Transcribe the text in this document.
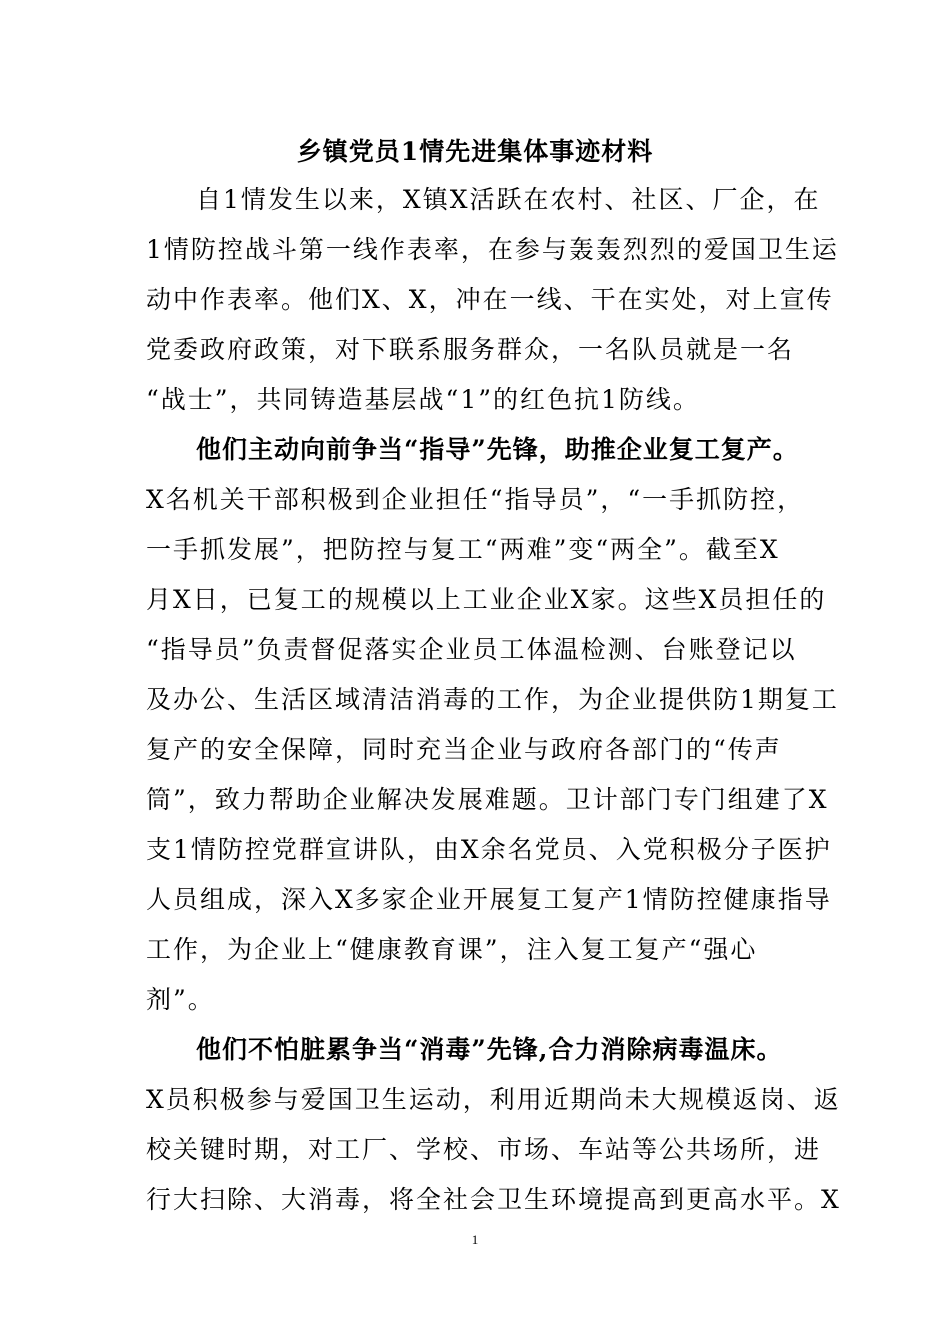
乡镇党员1情先进集体事迹材料
自1情发生以来，X镇X活跃在农村、社区、厂企，在
1情防控战斗第一线作表率，在参与轰轰烈烈的爱国卫生运
动中作表率。他们X、X，冲在一线、干在实处，对上宣传
党委政府政策，对下联系服务群众，一名队员就是一名
“战士”，共同铸造基层战“1”的红色抗1防线。
他们主动向前争当“指导”先锋，助推企业复工复产。
X名机关干部积极到企业担任“指导员”，“一手抓防控，
一手抓发展”，把防控与复工“两难”变“两全”。截至X
月X日，已复工的规模以上工业企业X家。这些X员担任的
“指导员”负责督促落实企业员工体温检测、台账登记以
及办公、生活区域清洁消毒的工作，为企业提供防1期复工
复产的安全保障，同时充当企业与政府各部门的“传声
筒”，致力帮助企业解决发展难题。卫计部门专门组建了X
支1情防控党群宣讲队，由X余名党员、入党积极分子医护
人员组成，深入X多家企业开展复工复产1情防控健康指导
工作，为企业上“健康教育课”，注入复工复产“强心
剂”。
他们不怕脏累争当“消毒”先锋,合力消除病毒温床。
X员积极参与爱国卫生运动，利用近期尚未大规模返岗、返
校关键时期，对工厂、学校、市场、车站等公共场所，进
行大扫除、大消毒，将全社会卫生环境提高到更高水平。X
1
